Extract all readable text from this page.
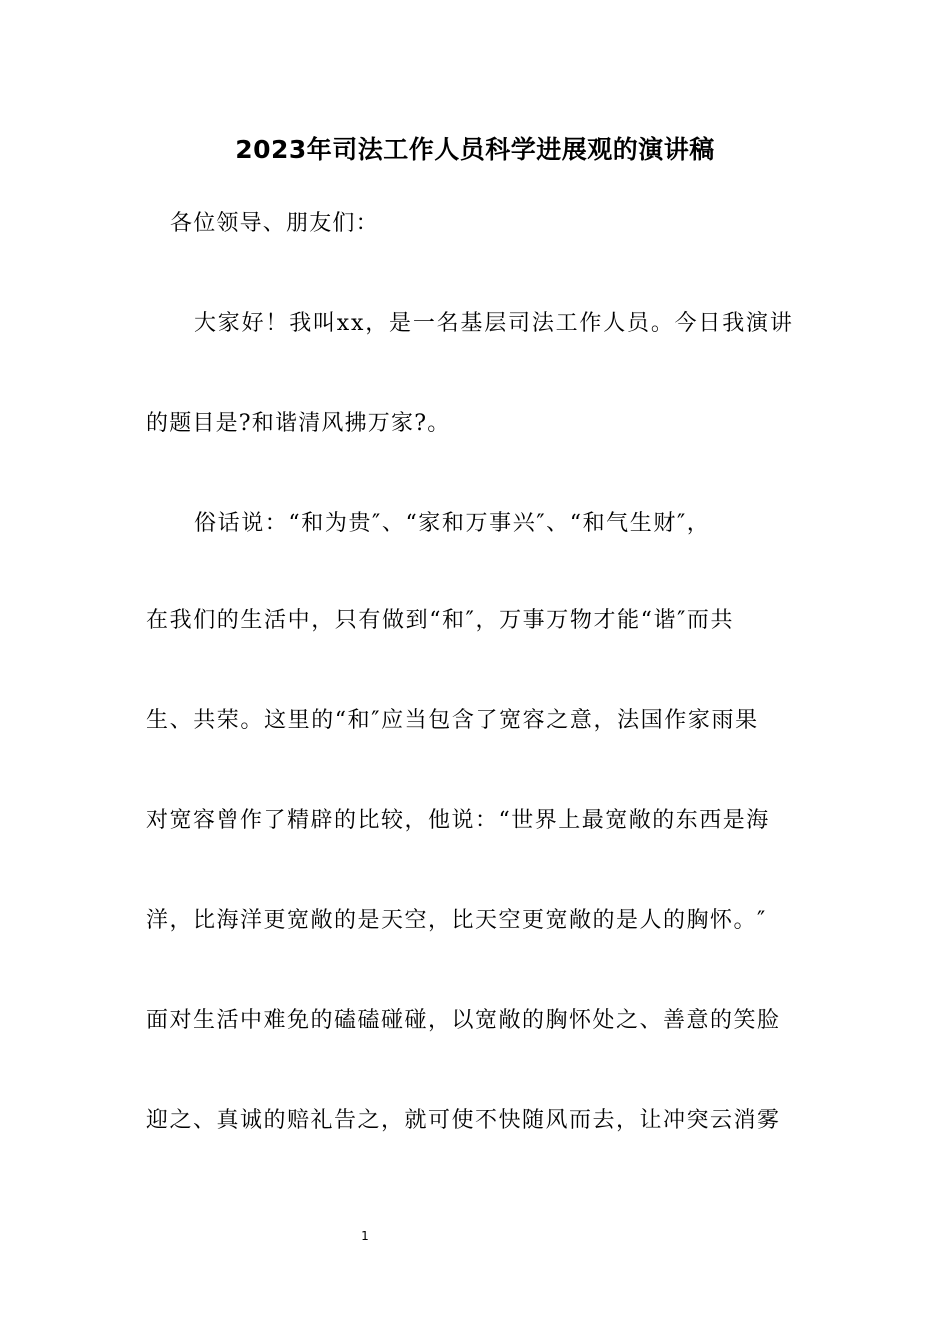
2023年司法工作人员科学进展观的演讲稿
各位领导、朋友们：
大家好！我叫xx，是一名基层司法工作人员。今日我演讲
的题目是?和谐清风拂万家?。
俗话说：“和为贵″、“家和万事兴″、“和气生财″，
在我们的生活中，只有做到“和″，万事万物才能“谐″而共
生、共荣。这里的“和″应当包含了宽容之意，法国作家雨果
对宽容曾作了精辟的比较，他说：“世界上最宽敞的东西是海
洋，比海洋更宽敞的是天空，比天空更宽敞的是人的胸怀。″
面对生活中难免的磕磕碰碰，以宽敞的胸怀处之、善意的笑脸
迎之、真诚的赔礼告之，就可使不快随风而去，让冲突云消雾
1
